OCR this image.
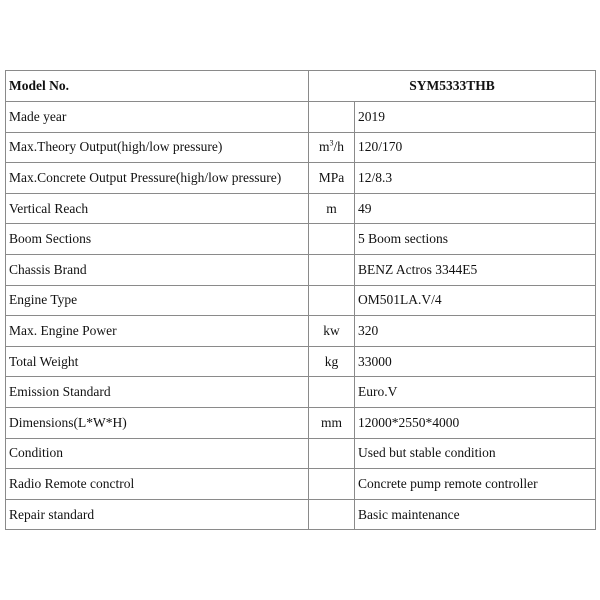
Model No.	SYM5333THB	
Made year		2019
Max.Theory Output(high/low pressure)	$m^3/h$	120/170
Max.Concrete Output Pressure(high/low pressure)	MPa	12/8.3
Vertical Reach	m	49
Boom Sections		5 Boom sections
Chassis Brand		BENZ Actros 3344E5
Engine Type		OM501LA.V/4
Max. Engine Power	kw	320
Total Weight	kg	33000
Emission Standard		Euro.V
Dimensions(L*W*H)	mm	12000*2550*4000
Condition		Used but stable condition
Radio Remote conctrol		Concrete pump remote controller
Repair standard		Basic maintenance
